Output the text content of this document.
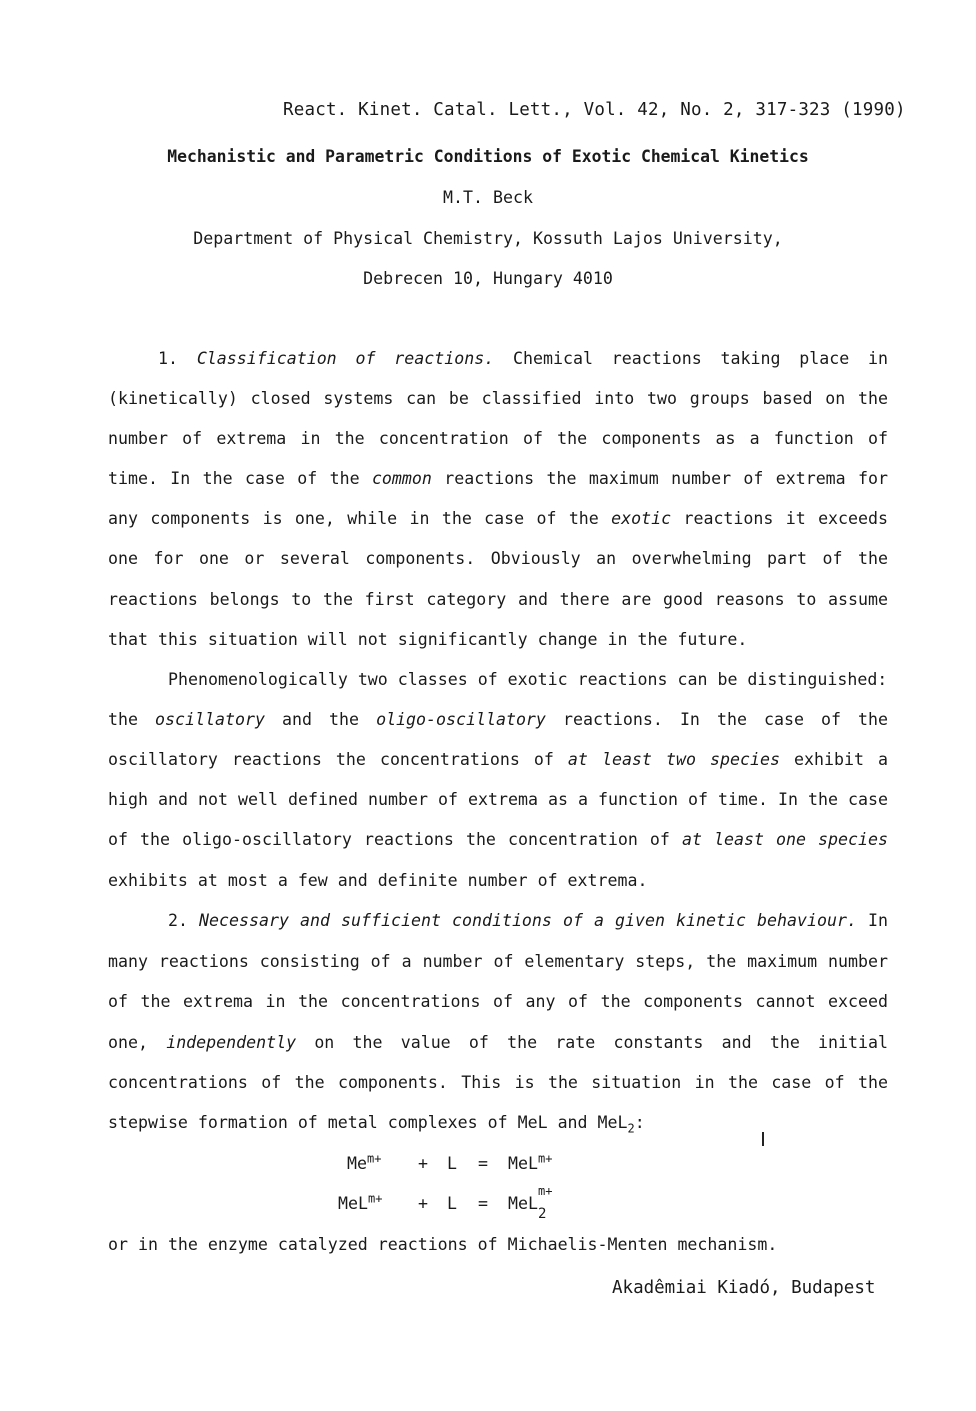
React. Kinet. Catal. Lett., Vol. 42, No. 2, 317-323 (1990)
Mechanistic and Parametric Conditions of Exotic Chemical Kinetics
M.T. Beck
Department of Physical Chemistry, Kossuth Lajos University,
Debrecen 10, Hungary 4010
1. Classification of reactions. Chemical reactions taking place in
(kinetically) closed systems can be classified into two groups based on the
number of extrema in the concentration of the components as a function of
time. In the case of the common reactions the maximum number of extrema for
any components is one, while in the case of the exotic reactions it exceeds
one for one or several components. Obviously an overwhelming part of the
reactions belongs to the first category and there are good reasons to assume
that this situation will not significantly change in the future.
Phenomenologically two classes of exotic reactions can be distinguished:
the oscillatory and the oligo-oscillatory reactions. In the case of the
oscillatory reactions the concentrations of at least two species exhibit a
high and not well defined number of extrema as a function of time. In the case
of the oligo-oscillatory reactions the concentration of at least one species
exhibits at most a few and definite number of extrema.
2. Necessary and sufficient conditions of a given kinetic behaviour. In
many reactions consisting of a number of elementary steps, the maximum number
of the extrema in the concentrations of any of the components cannot exceed
one, independently on the value of the rate constants and the initial
concentrations of the components. This is the situation in the case of the
stepwise formation of metal complexes of MeL and MeL$_2$:
$Me^{m+} + L = MeL^{m+}$
MeL$^{m+}$ + L = MeL
m+
2
or in the enzyme catalyzed reactions of Michaelis-Menten mechanism.
Akadêmiai Kiadó, Budapest
